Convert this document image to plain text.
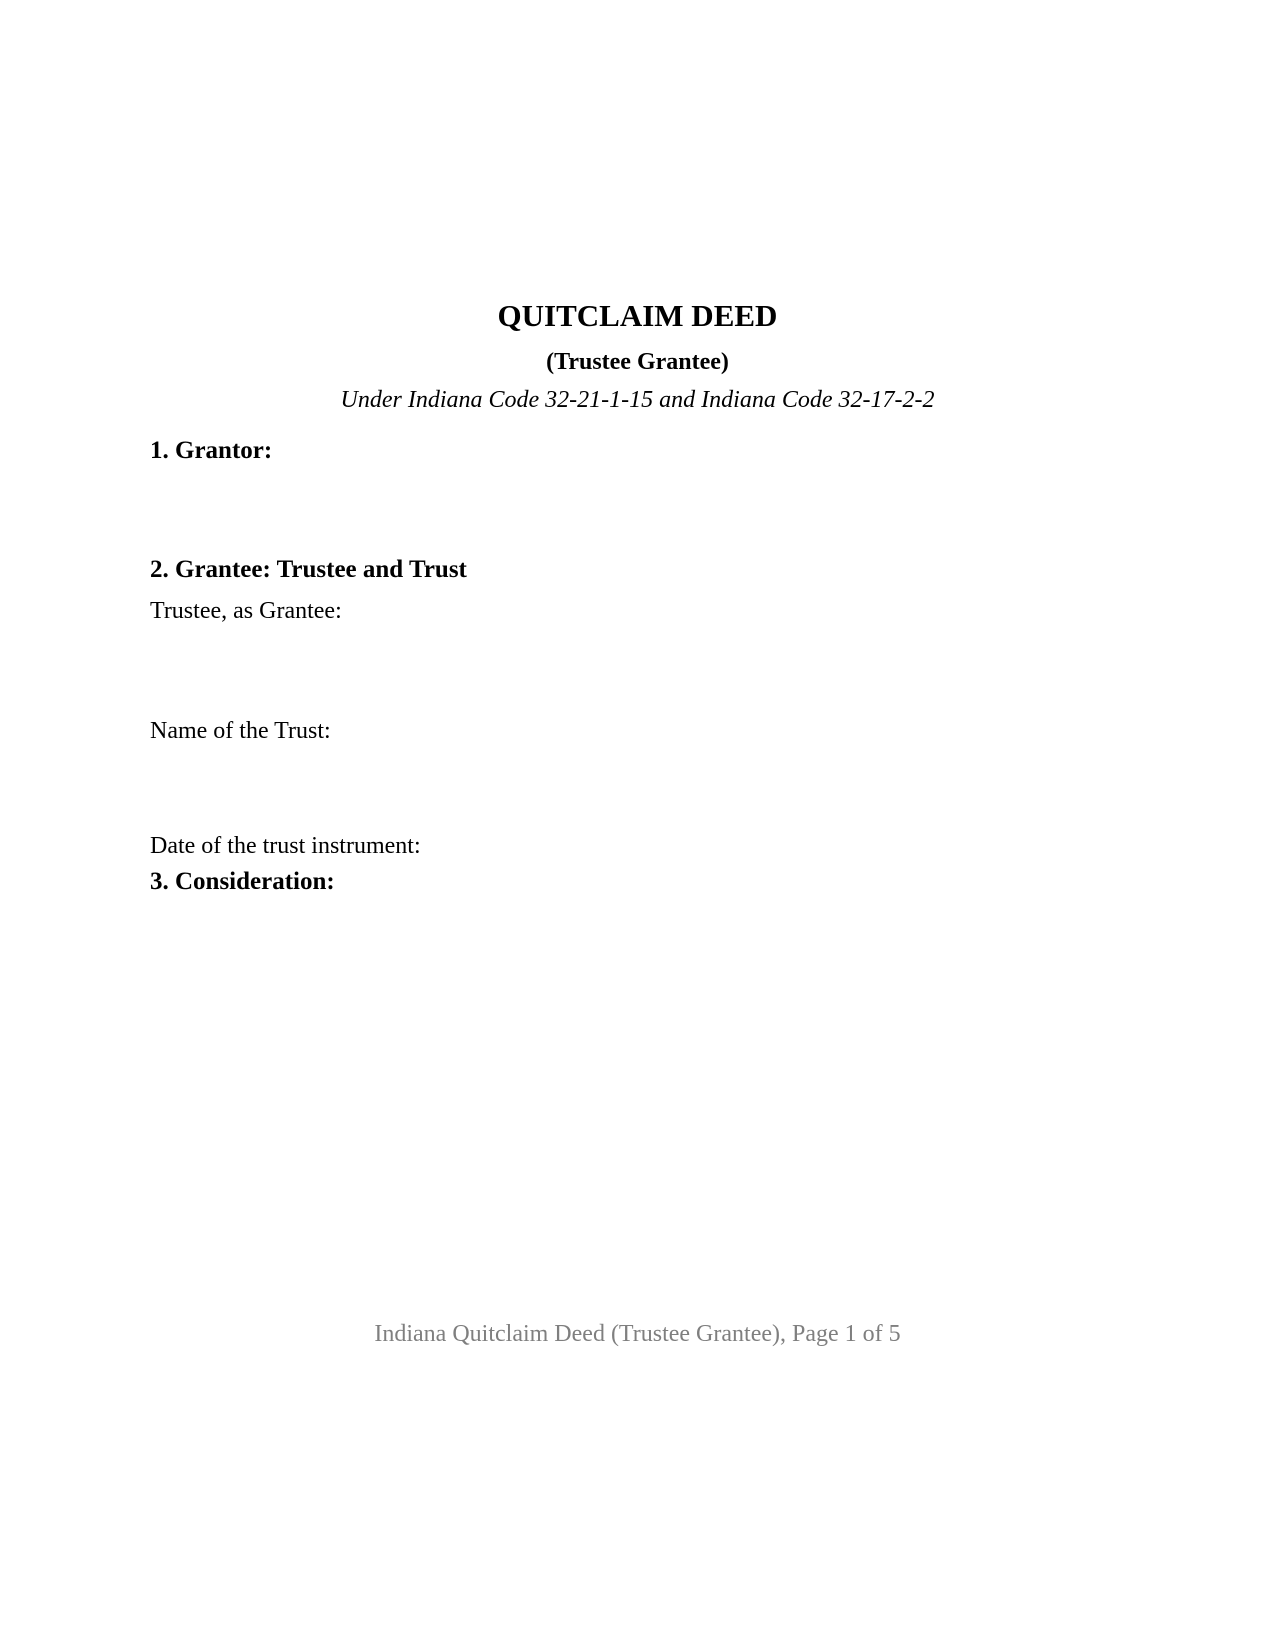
QUITCLAIM DEED
(Trustee Grantee)
Under Indiana Code 32-21-1-15 and Indiana Code 32-17-2-2
1. Grantor:
2. Grantee: Trustee and Trust
Trustee, as Grantee:
Name of the Trust:
Date of the trust instrument:
3. Consideration:
Indiana Quitclaim Deed (Trustee Grantee), Page 1 of 5
